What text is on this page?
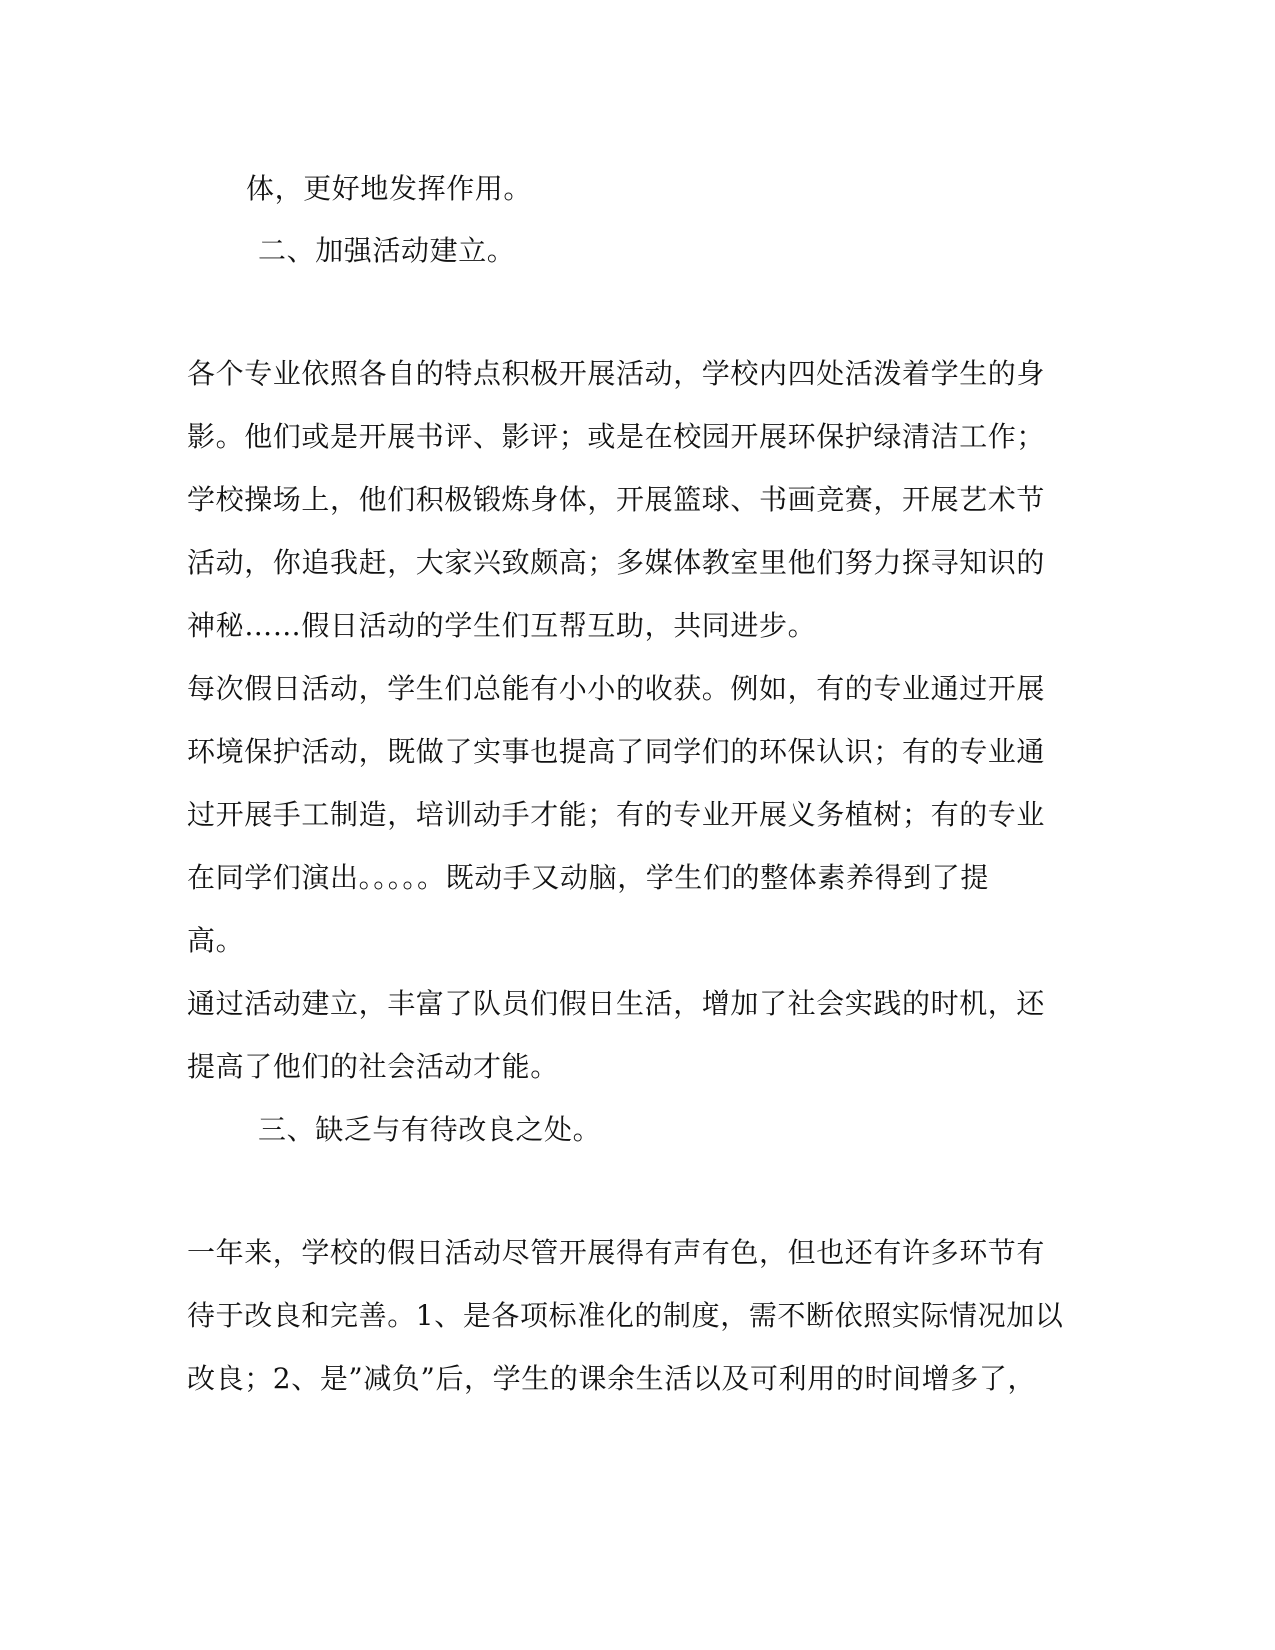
体，更好地发挥作用。
二、加强活动建立。
各个专业依照各自的特点积极开展活动，学校内四处活泼着学生的身
影。他们或是开展书评、影评；或是在校园开展环保护绿清洁工作；
学校操场上，他们积极锻炼身体，开展篮球、书画竞赛，开展艺术节
活动，你追我赶，大家兴致颇高；多媒体教室里他们努力探寻知识的
神秘……假日活动的学生们互帮互助，共同进步。
每次假日活动，学生们总能有小小的收获。例如，有的专业通过开展
环境保护活动，既做了实事也提高了同学们的环保认识；有的专业通
过开展手工制造，培训动手才能；有的专业开展义务植树；有的专业
在同学们演出。。。。。既动手又动脑，学生们的整体素养得到了提
高。
通过活动建立，丰富了队员们假日生活，增加了社会实践的时机，还
提高了他们的社会活动才能。
三、缺乏与有待改良之处。
一年来，学校的假日活动尽管开展得有声有色，但也还有许多环节有
待于改良和完善。1、是各项标准化的制度，需不断依照实际情况加以
改良；2、是”减负”后，学生的课余生活以及可利用的时间增多了，
